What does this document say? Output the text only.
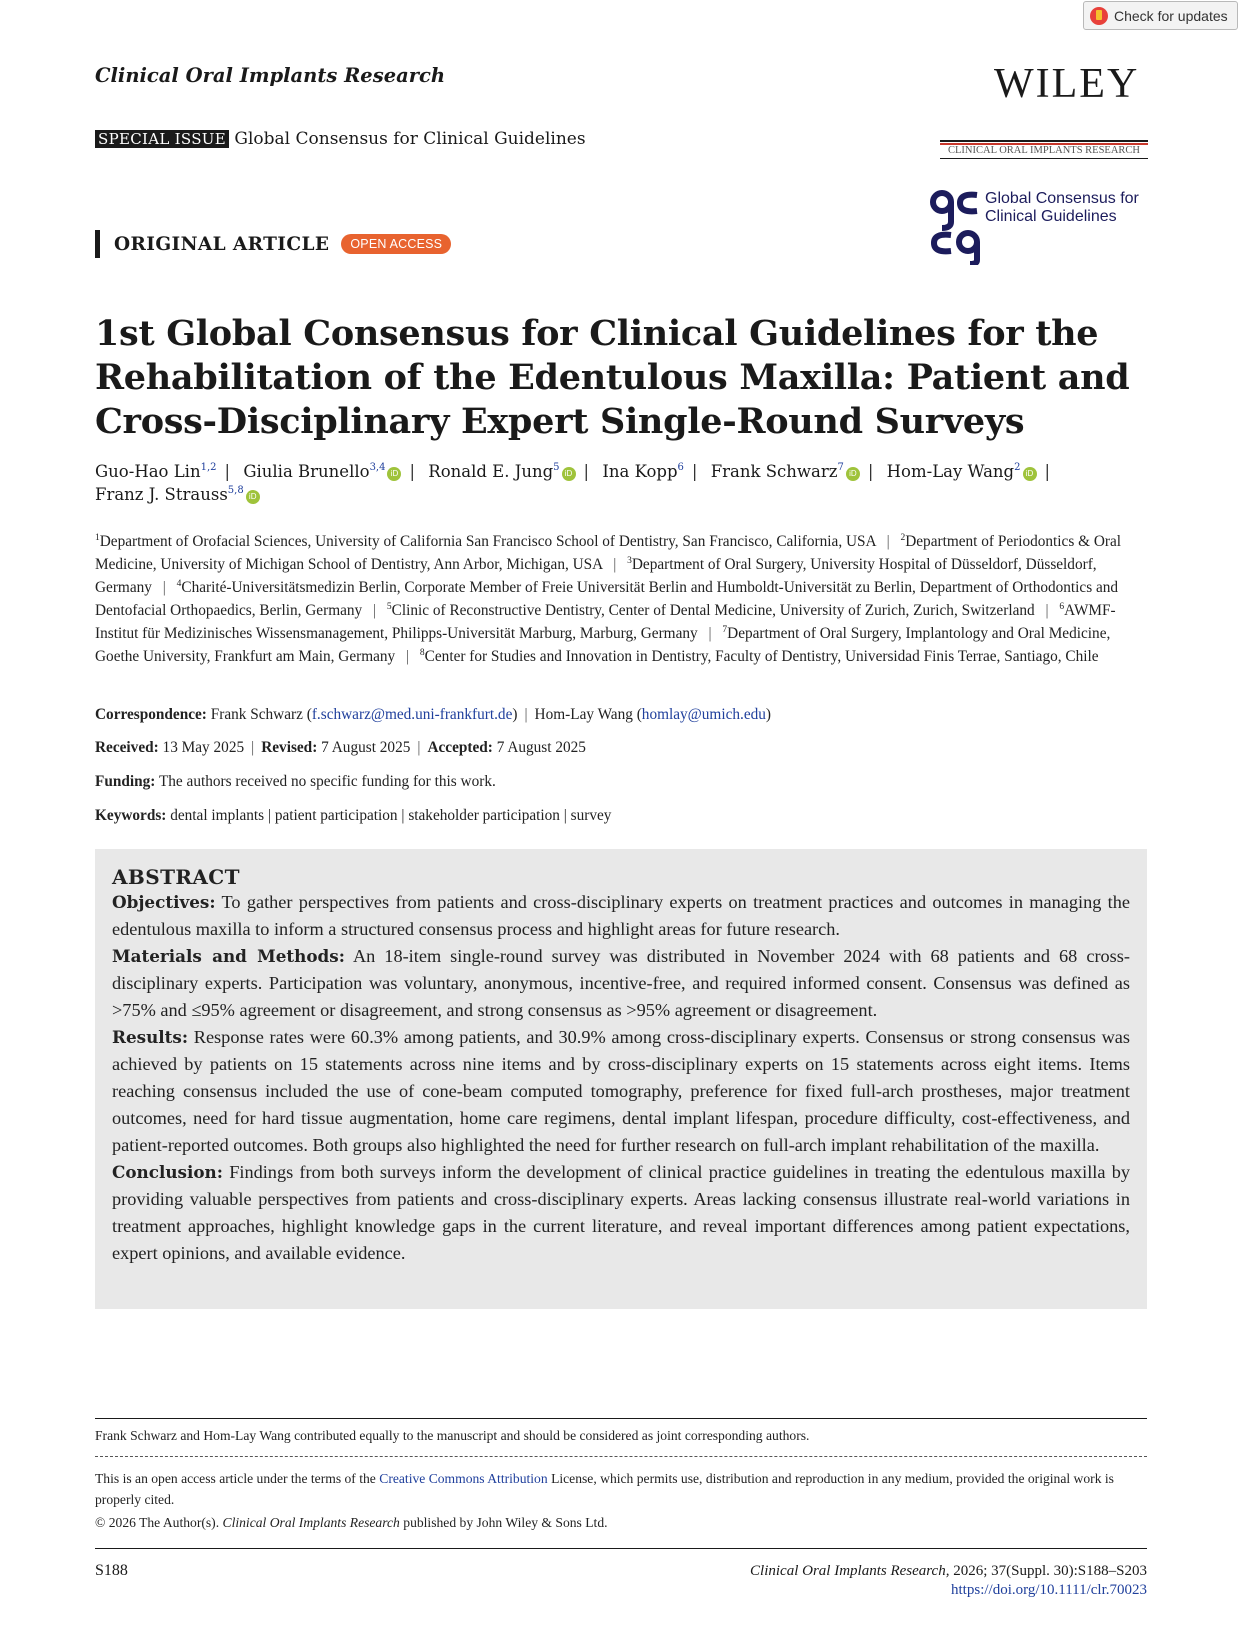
Check for updates
Clinical Oral Implants Research	WILEY
SPECIAL ISSUE Global Consensus for Clinical Guidelines
CLINICAL ORAL IMPLANTS RESEARCH
Global Consensus for
Clinical Guidelines
ORIGINAL ARTICLE	OPEN ACCESS
1st Global Consensus for Clinical Guidelines for the Rehabilitation of the Edentulous Maxilla: Patient and Cross-Disciplinary Expert Single-Round Surveys
Guo-Hao Lin$^{1,2}$ | Giulia Brunello$^{3,4}$iD | Ronald E. Jung$^5$iD | Ina Kopp$^6$ | Frank Schwarz$^7$iD | Hom-Lay Wang$^2$iD | Franz J. Strauss$^{5,8}$iD
$^1$Department of Orofacial Sciences, University of California San Francisco School of Dentistry, San Francisco, California, USA | $^2$Department of Periodontics & Oral Medicine, University of Michigan School of Dentistry, Ann Arbor, Michigan, USA | $^3$Department of Oral Surgery, University Hospital of Düsseldorf, Düsseldorf, Germany | $^4$Charité-Universitätsmedizin Berlin, Corporate Member of Freie Universität Berlin and Humboldt-Universität zu Berlin, Department of Orthodontics and Dentofacial Orthopaedics, Berlin, Germany | $^5$Clinic of Reconstructive Dentistry, Center of Dental Medicine, University of Zurich, Zurich, Switzerland | $^6$AWMF-Institut für Medizinisches Wissensmanagement, Philipps-Universität Marburg, Marburg, Germany | $^7$Department of Oral Surgery, Implantology and Oral Medicine, Goethe University, Frankfurt am Main, Germany | $^8$Center for Studies and Innovation in Dentistry, Faculty of Dentistry, Universidad Finis Terrae, Santiago, Chile
Correspondence: Frank Schwarz (f.schwarz@med.uni-frankfurt.de) | Hom-Lay Wang (homlay@umich.edu)
Received: 13 May 2025 | Revised: 7 August 2025 | Accepted: 7 August 2025
Funding: The authors received no specific funding for this work.
Keywords: dental implants | patient participation | stakeholder participation | survey
ABSTRACT

Objectives: To gather perspectives from patients and cross-disciplinary experts on treatment practices and outcomes in managing the edentulous maxilla to inform a structured consensus process and highlight areas for future research.

Materials and Methods: An 18-item single-round survey was distributed in November 2024 with 68 patients and 68 cross-disciplinary experts. Participation was voluntary, anonymous, incentive-free, and required informed consent. Consensus was defined as >75% and ≤95% agreement or disagreement, and strong consensus as >95% agreement or disagreement.

Results: Response rates were 60.3% among patients, and 30.9% among cross-disciplinary experts. Consensus or strong consensus was achieved by patients on 15 statements across nine items and by cross-disciplinary experts on 15 statements across eight items. Items reaching consensus included the use of cone-beam computed tomography, preference for fixed full-arch prostheses, major treatment outcomes, need for hard tissue augmentation, home care regimens, dental implant lifespan, procedure difficulty, cost-effectiveness, and patient-reported outcomes. Both groups also highlighted the need for further research on full-arch implant rehabilitation of the maxilla.

Conclusion: Findings from both surveys inform the development of clinical practice guidelines in treating the edentulous maxilla by providing valuable perspectives from patients and cross-disciplinary experts. Areas lacking consensus illustrate real-world variations in treatment approaches, highlight knowledge gaps in the current literature, and reveal important differences among patient expectations, expert opinions, and available evidence.

Frank Schwarz and Hom-Lay Wang contributed equally to the manuscript and should be considered as joint corresponding authors.
This is an open access article under the terms of the Creative Commons Attribution License, which permits use, distribution and reproduction in any medium, provided the original work is properly cited.
© 2026 The Author(s). Clinical Oral Implants Research published by John Wiley & Sons Ltd.
S188	Clinical Oral Implants Research, 2026; 37(Suppl. 30):S188–S203
https://doi.org/10.1111/clr.70023
